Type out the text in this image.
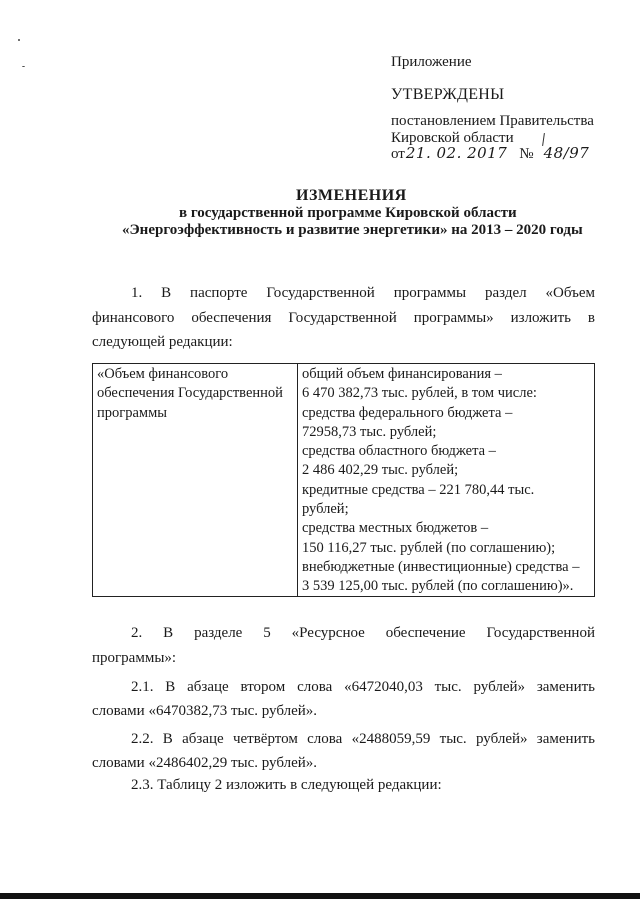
Приложение
УТВЕРЖДЕНЫ
постановлением Правительства
Кировской области
от21. 02. 2017 № 48/97
ИЗМЕНЕНИЯ
в государственной программе Кировской области
«Энергоэффективность и развитие энергетики» на 2013 – 2020 годы
1. В паспорте Государственной программы раздел «Объем
финансового обеспечения Государственной программы» изложить в
следующей редакции:
«Объем финансового
обеспечения Государственной
программы
общий объем финансирования –
6 470 382,73 тыс. рублей, в том числе:
средства федерального бюджета –
72958,73 тыс. рублей;
средства областного бюджета –
2 486 402,29 тыс. рублей;
кредитные средства – 221 780,44 тыс.
рублей;
средства местных бюджетов –
150 116,27 тыс. рублей (по соглашению);
внебюджетные (инвестиционные) средства –
3 539 125,00 тыс. рублей (по соглашению)».
2. В разделе 5 «Ресурсное обеспечение Государственной
программы»:
2.1. В абзаце втором слова «6472040,03 тыс. рублей» заменить
словами «6470382,73 тыс. рублей».
2.2. В абзаце четвёртом слова «2488059,59 тыс. рублей» заменить
словами «2486402,29 тыс. рублей».
2.3. Таблицу 2 изложить в следующей редакции:
